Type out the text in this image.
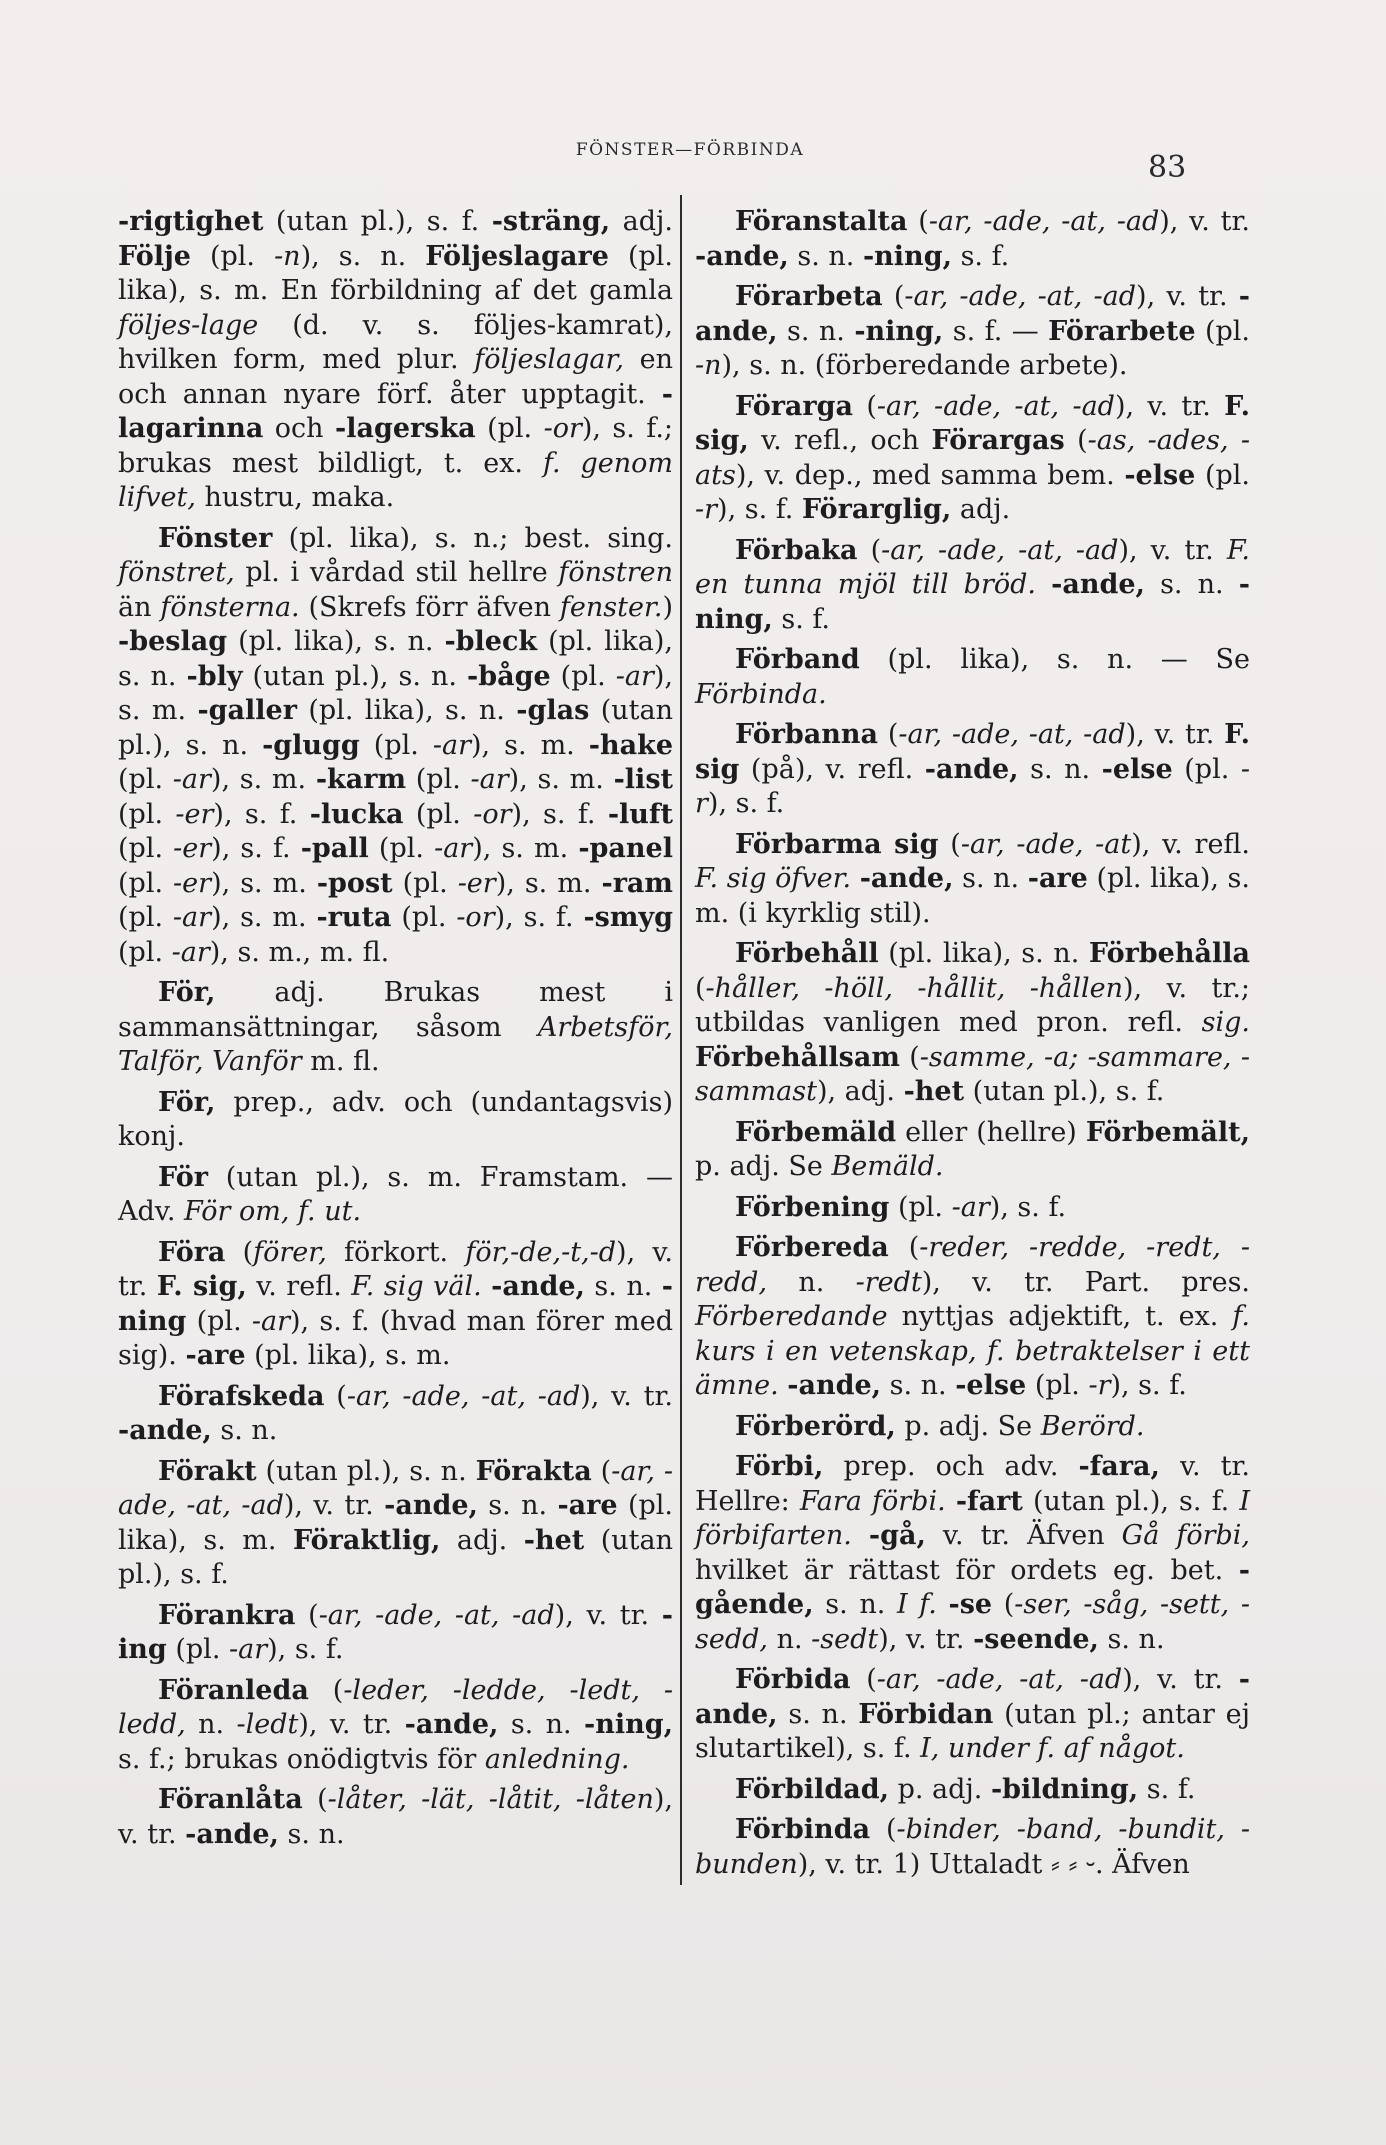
FÖNSTER—FÖRBINDA	83
-rigtighet (utan pl.), s. f. -sträng, adj. Följe (pl. -n), s. n. Följeslagare (pl. lika), s. m. En förbildning af det gamla följes-lage (d. v. s. följes-kamrat), hvilken form, med plur. följeslagar, en och annan nyare förf. åter upptagit. -lagarinna och -lagerska (pl. -or), s. f.; brukas mest bildligt, t. ex. f. genom lifvet, hustru, maka.
Fönster (pl. lika), s. n.; best. sing. fönstret, pl. i vårdad stil hellre fönstren än fönsterna. (Skrefs förr äfven fenster.) -beslag (pl. lika), s. n. -bleck (pl. lika), s. n. -bly (utan pl.), s. n. -båge (pl. -ar), s. m. -galler (pl. lika), s. n. -glas (utan pl.), s. n. -glugg (pl. -ar), s. m. -hake (pl. -ar), s. m. -karm (pl. -ar), s. m. -list (pl. -er), s. f. -lucka (pl. -or), s. f. -luft (pl. -er), s. f. -pall (pl. -ar), s. m. -panel (pl. -er), s. m. -post (pl. -er), s. m. -ram (pl. -ar), s. m. -ruta (pl. -or), s. f. -smyg (pl. -ar), s. m., m. fl.
För, adj. Brukas mest i sammansättningar, såsom Arbetsför, Talför, Vanför m. fl.
För, prep., adv. och (undantagsvis) konj.
För (utan pl.), s. m. Framstam. — Adv. För om, f. ut.
Föra (förer, förkort. för,-de,-t,-d), v. tr. F. sig, v. refl. F. sig väl. -ande, s. n. -ning (pl. -ar), s. f. (hvad man förer med sig). -are (pl. lika), s. m.
Förafskeda (-ar, -ade, -at, -ad), v. tr. -ande, s. n.
Förakt (utan pl.), s. n. Förakta (-ar, -ade, -at, -ad), v. tr. -ande, s. n. -are (pl. lika), s. m. Föraktlig, adj. -het (utan pl.), s. f.
Förankra (-ar, -ade, -at, -ad), v. tr. -ing (pl. -ar), s. f.
Föranleda (-leder, -ledde, -ledt, -ledd, n. -ledt), v. tr. -ande, s. n. -ning, s. f.; brukas onödigtvis för anledning.
Föranlåta (-låter, -lät, -låtit, -låten), v. tr. -ande, s. n.
Föranstalta (-ar, -ade, -at, -ad), v. tr. -ande, s. n. -ning, s. f.
Förarbeta (-ar, -ade, -at, -ad), v. tr. -ande, s. n. -ning, s. f. — Förarbete (pl. -n), s. n. (förberedande arbete).
Förarga (-ar, -ade, -at, -ad), v. tr. F. sig, v. refl., och Förargas (-as, -ades, -ats), v. dep., med samma bem. -else (pl. -r), s. f. Förarglig, adj.
Förbaka (-ar, -ade, -at, -ad), v. tr. F. en tunna mjöl till bröd. -ande, s. n. -ning, s. f.
Förband (pl. lika), s. n. — Se Förbinda.
Förbanna (-ar, -ade, -at, -ad), v. tr. F. sig (på), v. refl. -ande, s. n. -else (pl. -r), s. f.
Förbarma sig (-ar, -ade, -at), v. refl. F. sig öfver. -ande, s. n. -are (pl. lika), s. m. (i kyrklig stil).
Förbehåll (pl. lika), s. n. Förbehålla (-håller, -höll, -hållit, -hållen), v. tr.; utbildas vanligen med pron. refl. sig. Förbehållsam (-samme, -a; -sammare, -sammast), adj. -het (utan pl.), s. f.
Förbemäld eller (hellre) Förbemält, p. adj. Se Bemäld.
Förbening (pl. -ar), s. f.
Förbereda (-reder, -redde, -redt, -redd, n. -redt), v. tr. Part. pres. Förberedande nyttjas adjektift, t. ex. f. kurs i en vetenskap, f. betraktelser i ett ämne. -ande, s. n. -else (pl. -r), s. f.
Förberörd, p. adj. Se Berörd.
Förbi, prep. och adv. -fara, v. tr. Hellre: Fara förbi. -fart (utan pl.), s. f. I förbifarten. -gå, v. tr. Äfven Gå förbi, hvilket är rättast för ordets eg. bet. -gående, s. n. I f. -se (-ser, -såg, -sett, -sedd, n. -sedt), v. tr. -seende, s. n.
Förbida (-ar, -ade, -at, -ad), v. tr. -ande, s. n. Förbidan (utan pl.; antar ej slutartikel), s. f. I, under f. af något.
Förbildad, p. adj. -bildning, s. f.
Förbinda (-binder, -band, -bundit, -bunden), v. tr. 1) Uttaladt ⸗ ⸗ ⏑. Äfven
